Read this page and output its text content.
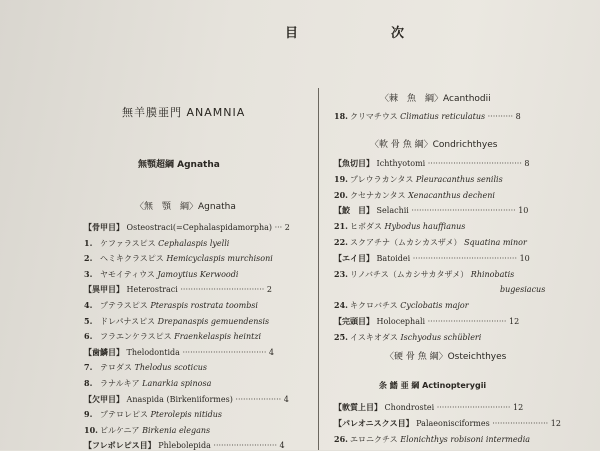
目　次
無羊膜亜門 ANAMNIA
無顎超綱 Agnatha
〈無　顎　綱〉Agnatha
【骨甲目】 Osteostraci(=Cephalaspidamorpha) ··· 2
1. ケファラスピス Cephalaspis lyelli
2. ヘミキクラスピス Hemicyclaspis murchisoni
3. ヤモイティウス Jamoytius Kerwoodi
【異甲目】 Heterostraci ································· 2
4. プテラスピス Pteraspis rostrata toombsi
5. ドレパナスピス Drepanaspis gemuendensis
6. フラエンケラスピス Fraenkelaspis heintzi
【歯鱗目】 Thelodontida ································· 4
7. テロダス Thelodus scoticus
8. ラナルキア Lanarkia spinosa
【欠甲目】 Anaspida (Birkeniiformes) ·················· 4
9. プテロレピス Pterolepis nitidus
10. ビルケニア Birkenia elegans
【フレボレピス目】 Phlebolepida ························· 4
〈棘　魚　綱〉Acanthodii
18. クリマチウス Climatius reticulatus ·········· 8
〈軟 骨 魚 綱〉Condrichthyes
【魚切目】 Ichthyotomi ····································· 8
19. プレウラカンタス Pleuracanthus senilis
20. クセナカンタス Xenacanthus decheni
【鮫　目】 Selachii ········································· 10
21. ヒボダス Hybodus hauffianus
22. スクアチナ（ムカシカスザメ） Squatina minor
【エイ目】 Batoidei ········································· 10
23. リノバチス（ムカシサカタザメ） Rhinobatis
bugesiacus
24. キクロバチス Cyclobatis major
【完頭目】 Holocephali ······························· 12
25. イスキオダス Ischyodus schübleri
〈硬 骨 魚 綱〉Osteichthyes
条 鰭 亜 綱 Actinopterygii
【軟質上目】 Chondrostei ····························· 12
【パレオニスクス目】 Palaeonisciformes ······················ 12
26. エロニクチス Elonichthys robisoni intermedia
